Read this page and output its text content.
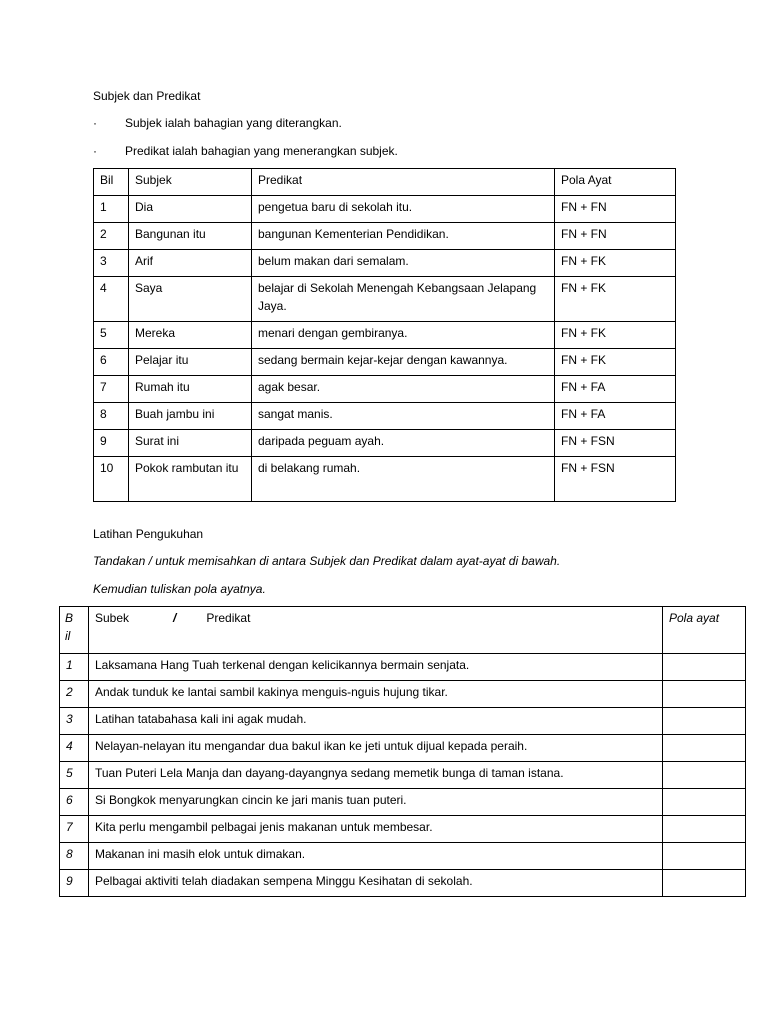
Subjek dan Predikat
· Subjek ialah bahagian yang diterangkan.
· Predikat ialah bahagian yang menerangkan subjek.
Bil	Subjek	Predikat	Pola Ayat
1	Dia	pengetua baru di sekolah itu.	FN + FN
2	Bangunan itu	bangunan Kementerian Pendidikan.	FN + FN
3	Arif	belum makan dari semalam.	FN + FK
4	Saya	belajar di Sekolah Menengah Kebangsaan Jelapang Jaya.	FN + FK
5	Mereka	menari dengan gembiranya.	FN + FK
6	Pelajar itu	sedang bermain kejar-kejar dengan kawannya.	FN + FK
7	Rumah itu	agak besar.	FN + FA
8	Buah jambu ini	sangat manis.	FN + FA
9	Surat ini	daripada peguam ayah.	FN + FSN
10	Pokok rambutan itu	di belakang rumah.	FN + FSN
Latihan Pengukuhan
Tandakan / untuk memisahkan di antara Subjek dan Predikat dalam ayat-ayat di bawah.
Kemudian tuliskan pola ayatnya.
Bil	Subek / Predikat	Pola ayat
1	Laksamana Hang Tuah terkenal dengan kelicikannya bermain senjata.	
2	Andak tunduk ke lantai sambil kakinya menguis-nguis hujung tikar.	
3	Latihan tatabahasa kali ini agak mudah.	
4	Nelayan-nelayan itu mengandar dua bakul ikan ke jeti untuk dijual kepada peraih.	
5	Tuan Puteri Lela Manja dan dayang-dayangnya sedang memetik bunga di taman istana.	
6	Si Bongkok menyarungkan cincin ke jari manis tuan puteri.	
7	Kita perlu mengambil pelbagai jenis makanan untuk membesar.	
8	Makanan ini masih elok untuk dimakan.	
9	Pelbagai aktiviti telah diadakan sempena Minggu Kesihatan di sekolah.	
